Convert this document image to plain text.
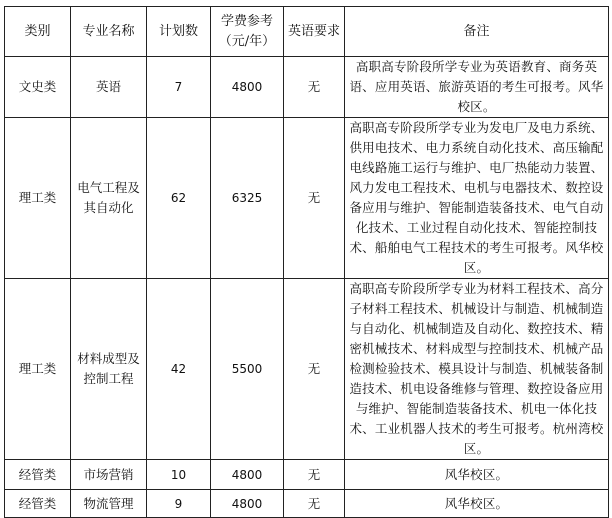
类别	专业名称	计划数	学费参考（元/年）	英语要求	备注
文史类	英语	7	4800	无	高职高专阶段所学专业为英语教育、商务英语、应用英语、旅游英语的考生可报考。风华校区。
理工类	电气工程及其自动化	62	6325	无	高职高专阶段所学专业为发电厂及电力系统、供用电技术、电力系统自动化技术、高压输配电线路施工运行与维护、电厂热能动力装置、风力发电工程技术、电机与电器技术、数控设备应用与维护、智能制造装备技术、电气自动化技术、工业过程自动化技术、智能控制技术、船舶电气工程技术的考生可报考。风华校区。
理工类	材料成型及控制工程	42	5500	无	高职高专阶段所学专业为材料工程技术、高分子材料工程技术、机械设计与制造、机械制造与自动化、机械制造及自动化、数控技术、精密机械技术、材料成型与控制技术、机械产品检测检验技术、模具设计与制造、机械装备制造技术、机电设备维修与管理、数控设备应用与维护、智能制造装备技术、机电一体化技术、工业机器人技术的考生可报考。杭州湾校区。
经管类	市场营销	10	4800	无	风华校区。
经管类	物流管理	9	4800	无	风华校区。
